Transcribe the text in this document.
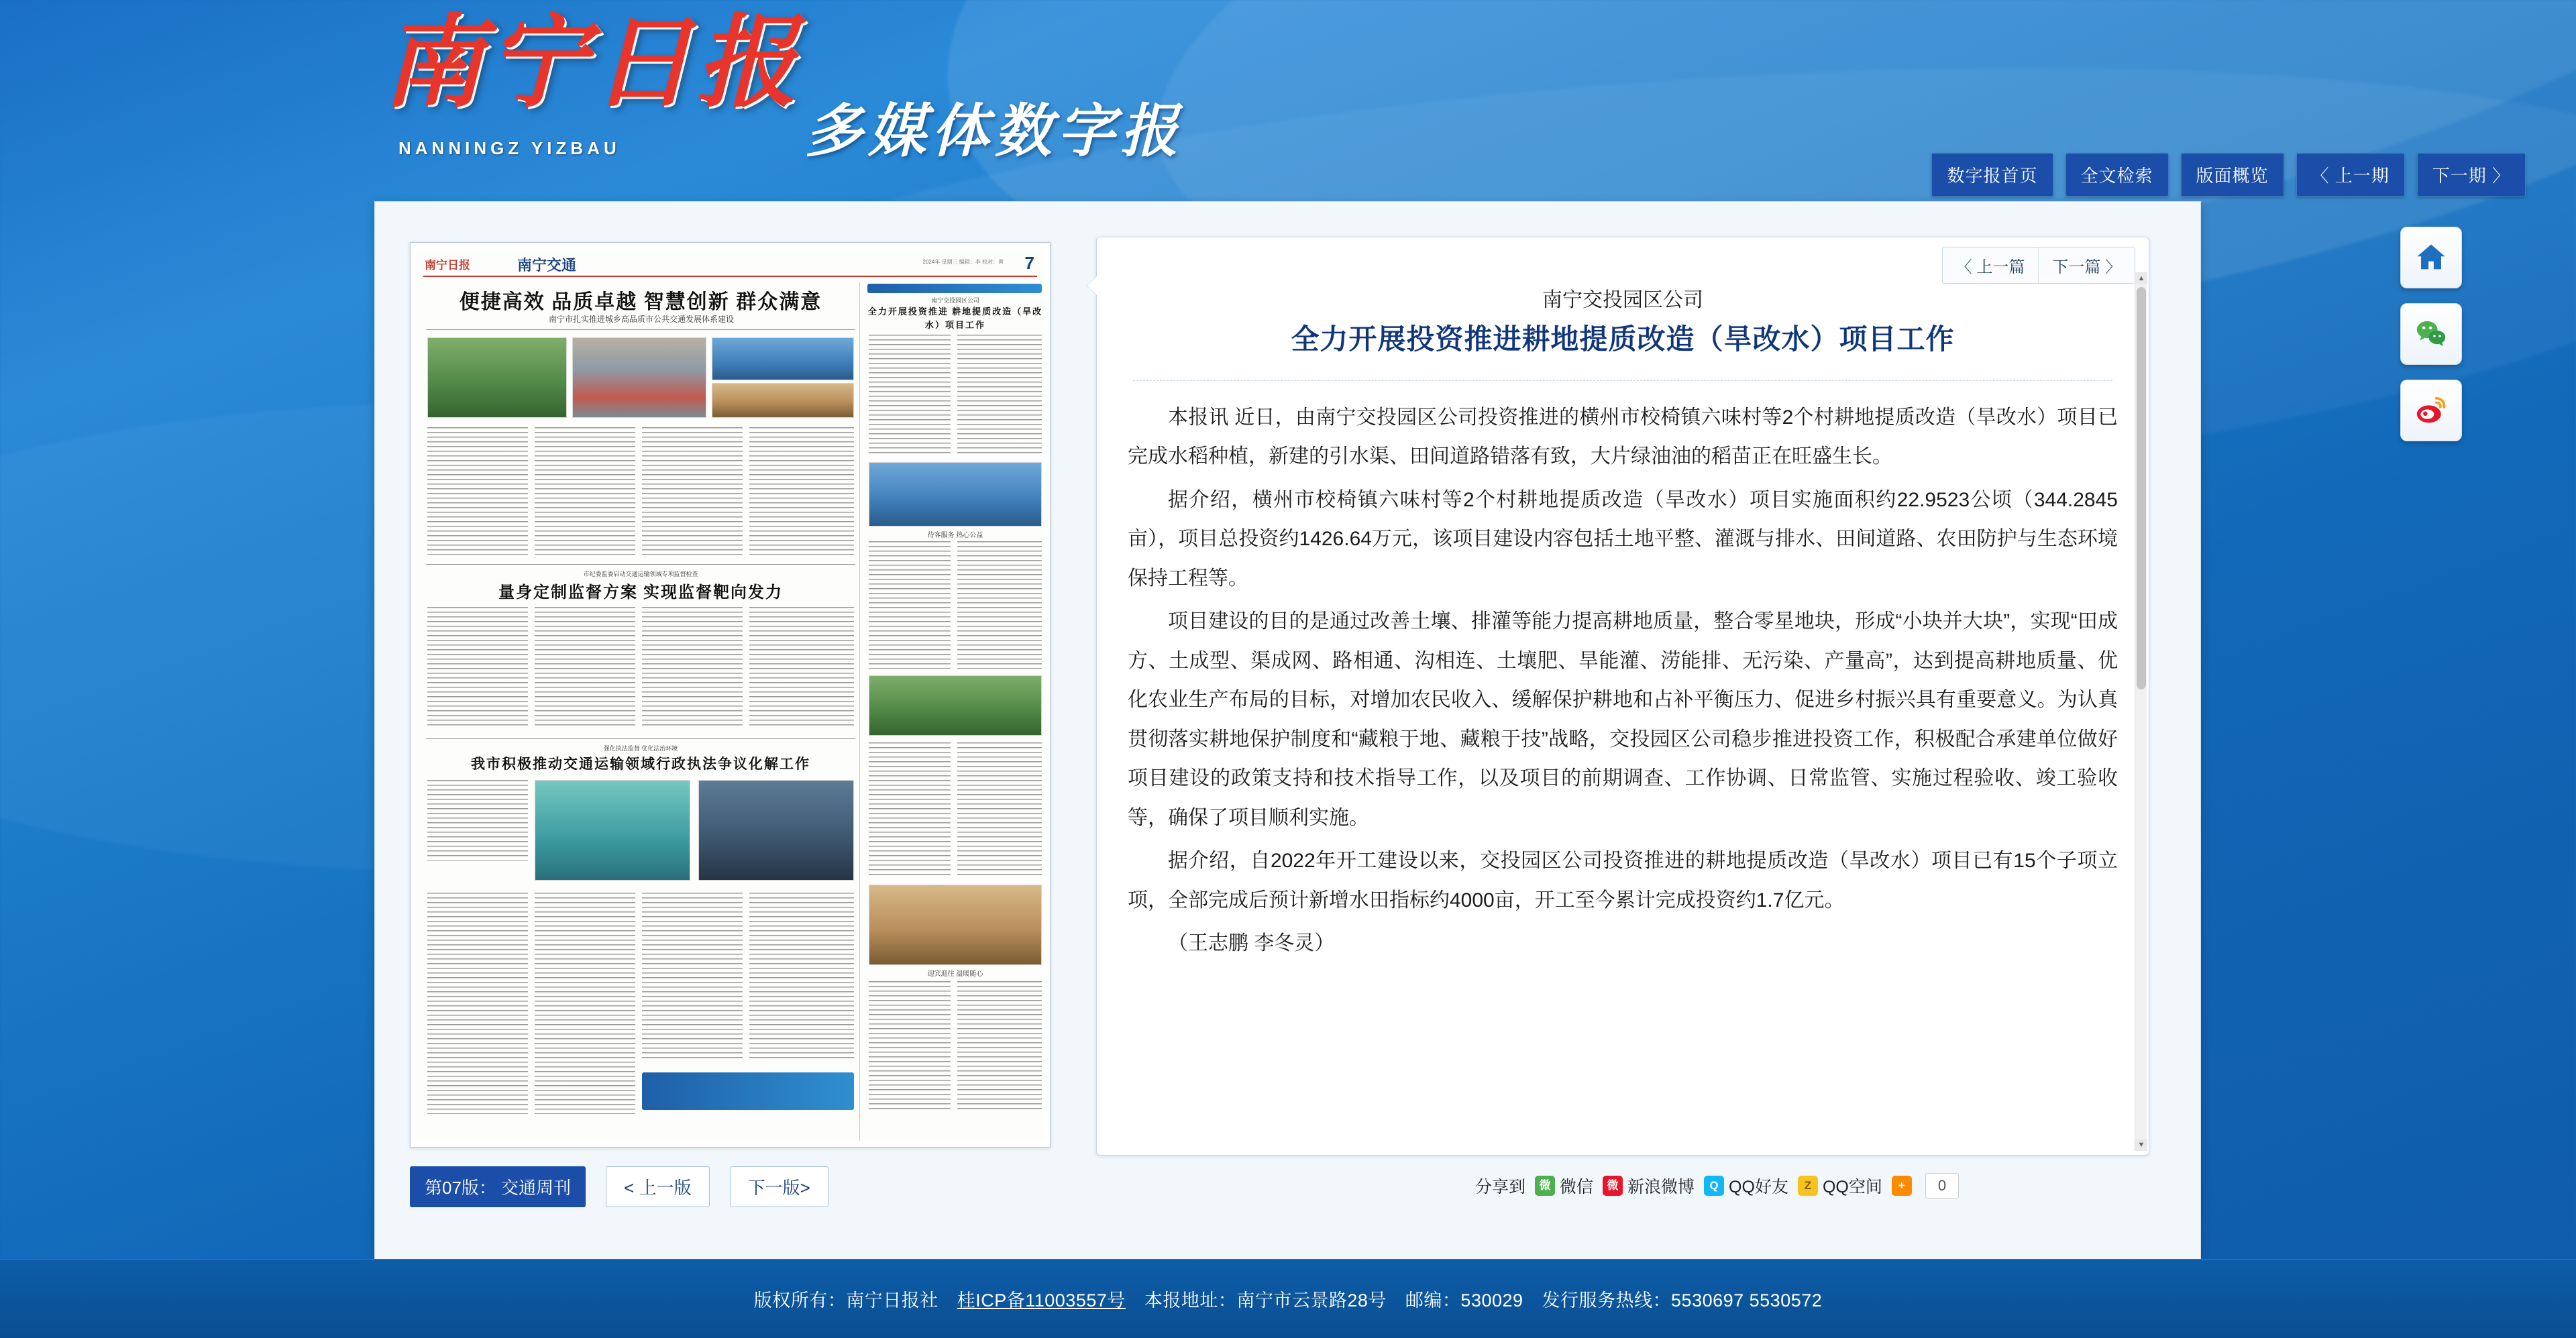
南宁日报
NANNINGZ YIZBAU	多媒体数字报
数字报首页	全文检索	版面概览	〈 上一期	下一期 〉
南宁日报	南宁交通	2024年 星期三 编辑：李 校对：黄 7
便捷高效 品质卓越 智慧创新 群众满意
南宁市扎实推进城乡高品质市公共交通发展体系建设
市纪委监委启动交通运输领域专项监督检查
量身定制监督方案 实现监督靶向发力
强化执法监督 优化法治环境
我市积极推动交通运输领域行政执法争议化解工作
南宁交投园区公司
全力开展投资推进 耕地提质改造（旱改水）项目工作
待客服务 热心公益
迎宾迎往 温暖随心
第07版： 交通周刊	< 上一版	下一版>
〈 上一篇	下一篇 〉
南宁交投园区公司
全力开展投资推进耕地提质改造（旱改水）项目工作

本报讯 近日，由南宁交投园区公司投资推进的横州市校椅镇六味村等2个村耕地提质改造（旱改水）项目已完成水稻种植，新建的引水渠、田间道路错落有致，大片绿油油的稻苗正在旺盛生长。

据介绍，横州市校椅镇六味村等2个村耕地提质改造（旱改水）项目实施面积约22.9523公顷（344.2845亩），项目总投资约1426.64万元，该项目建设内容包括土地平整、灌溉与排水、田间道路、农田防护与生态环境保持工程等。

项目建设的目的是通过改善土壤、排灌等能力提高耕地质量，整合零星地块，形成“小块并大块”，实现“田成方、土成型、渠成网、路相通、沟相连、土壤肥、旱能灌、涝能排、无污染、产量高”，达到提高耕地质量、优化农业生产布局的目标，对增加农民收入、缓解保护耕地和占补平衡压力、促进乡村振兴具有重要意义。为认真贯彻落实耕地保护制度和“藏粮于地、藏粮于技”战略，交投园区公司稳步推进投资工作，积极配合承建单位做好项目建设的政策支持和技术指导工作，以及项目的前期调查、工作协调、日常监管、实施过程验收、竣工验收等，确保了项目顺利实施。

据介绍，自2022年开工建设以来，交投园区公司投资推进的耕地提质改造（旱改水）项目已有15个子项立项，全部完成后预计新增水田指标约4000亩，开工至今累计完成投资约1.7亿元。

（王志鹏 李冬灵）

▲
▼
分享到	微 微信	微 新浪微博	Q QQ好友	Z QQ空间	+	0
版权所有：南宁日报社 桂ICP备11003557号 本报地址：南宁市云景路28号 邮编：530029 发行服务热线：5530697 5530572
